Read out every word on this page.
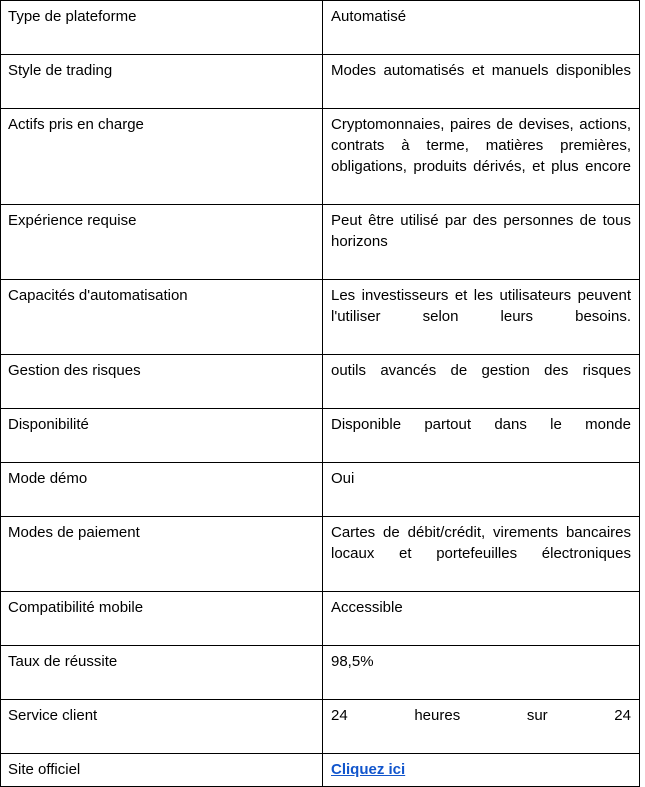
Type de plateforme	Automatisé

Style de trading	Modes automatisés et manuels disponibles

Actifs pris en charge	Cryptomonnaies, paires de devises, actions, contrats à terme, matières premières, obligations, produits dérivés, et plus encore

Expérience requise	Peut être utilisé par des personnes de tous horizons

Capacités d'automatisation	Les investisseurs et les utilisateurs peuvent l'utiliser selon leurs besoins.

Gestion des risques	outils avancés de gestion des risques

Disponibilité	Disponible partout dans le monde

Mode démo	Oui

Modes de paiement	Cartes de débit/crédit, virements bancaires locaux et portefeuilles électroniques

Compatibilité mobile	Accessible

Taux de réussite	98,5%

Service client	24 heures sur 24

Site officiel	Cliquez ici
